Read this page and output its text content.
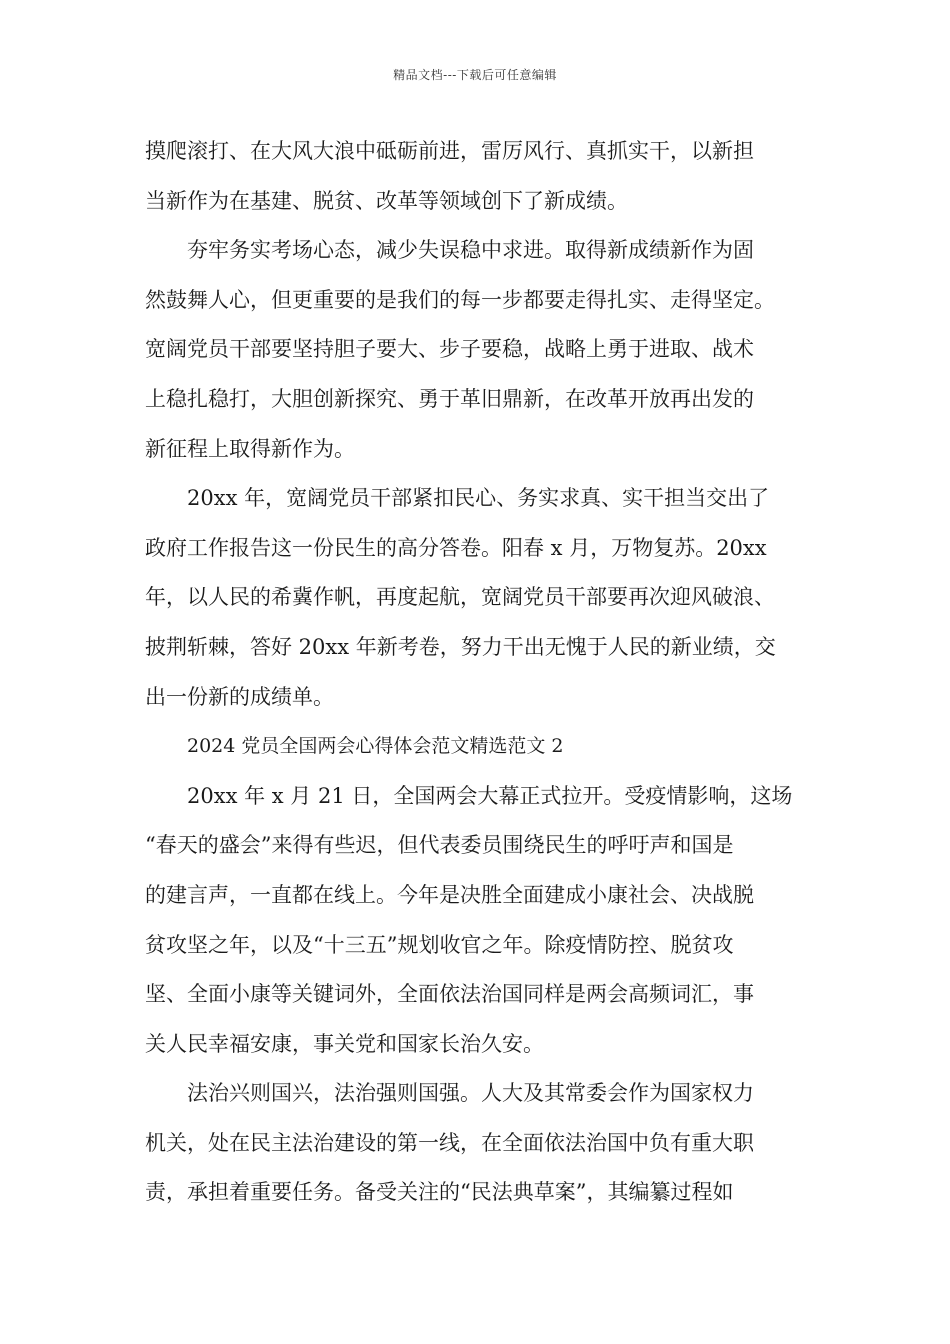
精品文档---下载后可任意编辑
摸爬滚打、在大风大浪中砥砺前进，雷厉风行、真抓实干，以新担
当新作为在基建、脱贫、改革等领域创下了新成绩。
夯牢务实考场心态，减少失误稳中求进。取得新成绩新作为固
然鼓舞人心，但更重要的是我们的每一步都要走得扎实、走得坚定。
宽阔党员干部要坚持胆子要大、步子要稳，战略上勇于进取、战术
上稳扎稳打，大胆创新探究、勇于革旧鼎新，在改革开放再出发的
新征程上取得新作为。
20xx 年，宽阔党员干部紧扣民心、务实求真、实干担当交出了
政府工作报告这一份民生的高分答卷。阳春 x 月，万物复苏。20xx
年，以人民的希冀作帆，再度起航，宽阔党员干部要再次迎风破浪、
披荆斩棘，答好 20xx 年新考卷，努力干出无愧于人民的新业绩，交
出一份新的成绩单。
2024 党员全国两会心得体会范文精选范文 2
20xx 年 x 月 21 日，全国两会大幕正式拉开。受疫情影响，这场
“春天的盛会”来得有些迟，但代表委员围绕民生的呼吁声和国是
的建言声，一直都在线上。今年是决胜全面建成小康社会、决战脱
贫攻坚之年，以及“十三五”规划收官之年。除疫情防控、脱贫攻
坚、全面小康等关键词外，全面依法治国同样是两会高频词汇，事
关人民幸福安康，事关党和国家长治久安。
法治兴则国兴，法治强则国强。人大及其常委会作为国家权力
机关，处在民主法治建设的第一线，在全面依法治国中负有重大职
责，承担着重要任务。备受关注的“民法典草案”，其编纂过程如
